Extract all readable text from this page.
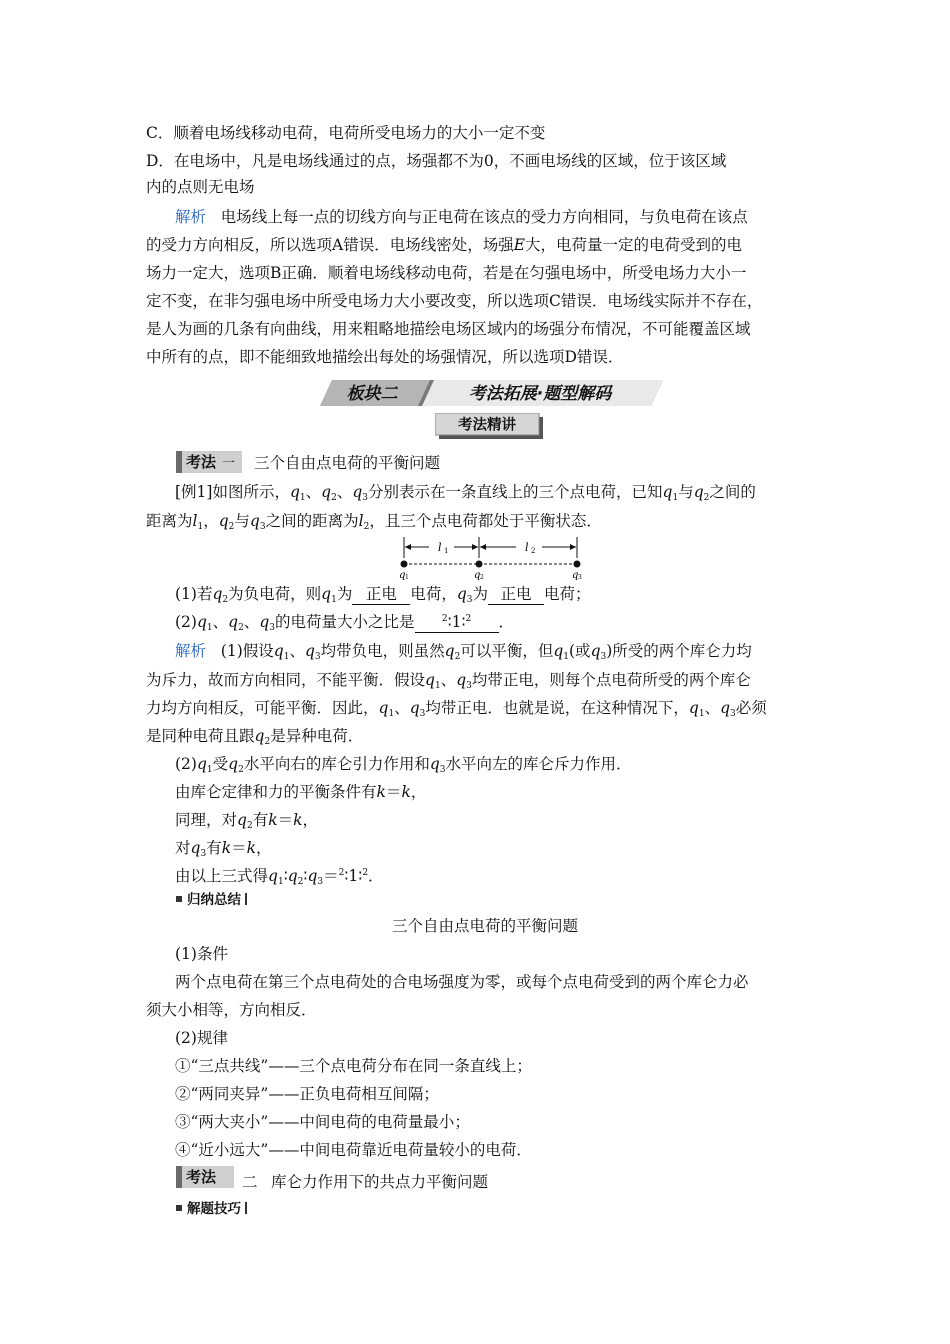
C．顺着电场线移动电荷，电荷所受电场力的大小一定不变
D．在电场中，凡是电场线通过的点，场强都不为0，不画电场线的区域，位于该区域
内的点则无电场
解析 电场线上每一点的切线方向与正电荷在该点的受力方向相同，与负电荷在该点
的受力方向相反，所以选项A错误．电场线密处，场强E大，电荷量一定的电荷受到的电
场力一定大，选项B正确．顺着电场线移动电荷，若是在匀强电场中，所受电场力大小一
定不变，在非匀强电场中所受电场力大小要改变，所以选项C错误．电场线实际并不存在，
是人为画的几条有向曲线，用来粗略地描绘电场区域内的场强分布情况，不可能覆盖区域
中所有的点，即不能细致地描绘出每处的场强情况，所以选项D错误．
板块二	考法拓展·题型解码
考法精讲
考法 一	三个自由点电荷的平衡问题
[例1]如图所示，$q_1$、$q_2$、$q_3$分别表示在一条直线上的三个点电荷，已知$q_1$与$q_2$之间的
距离为$l_1$，$q_2$与$q_3$之间的距离为$l_2$，且三个点电荷都处于平衡状态．
l 1	l 2
q 1	q 2	q 3
(1)若$q_2$为负电荷，则$q_1$为 正电 电荷，$q_3$为 正电 电荷；
$(2)q_1$、$q_2$、$q_3$的电荷量大小之比是	$^2$∶1∶$^2$ ．
解析 (1)假设$q_1$、$q_3$均带负电，则虽然$q_2$可以平衡，但$q_1$(或$q_3$)所受的两个库仑力均
为斥力，故而方向相同，不能平衡．假设$q_1$、$q_3$均带正电，则每个点电荷所受的两个库仑
力均方向相反，可能平衡．因此，$q_1$、$q_3$均带正电．也就是说，在这种情况下，$q_1$、$q_3$必须
是同种电荷且跟$q_2$是异种电荷．
$(2)q_1$受$q_2$水平向右的库仑引力作用和$q_3$水平向左的库仑斥力作用．
由库仑定律和力的平衡条件有k＝k，
同理，对$q_2$有k＝k，
对$q_3$有k＝k，
由以上三式得$q_1∶q_2∶q_3=^2∶1∶^2$．
归纳总结
三个自由点电荷的平衡问题
(1)条件
两个点电荷在第三个点电荷处的合电场强度为零，或每个点电荷受到的两个库仑力必
须大小相等，方向相反．
(2)规律
①“三点共线”——三个点电荷分布在同一条直线上；
②“两同夹异”——正负电荷相互间隔；
③“两大夹小”——中间电荷的电荷量最小；
④“近小远大”——中间电荷靠近电荷量较小的电荷．
考法	二 库仑力作用下的共点力平衡问题
解题技巧
